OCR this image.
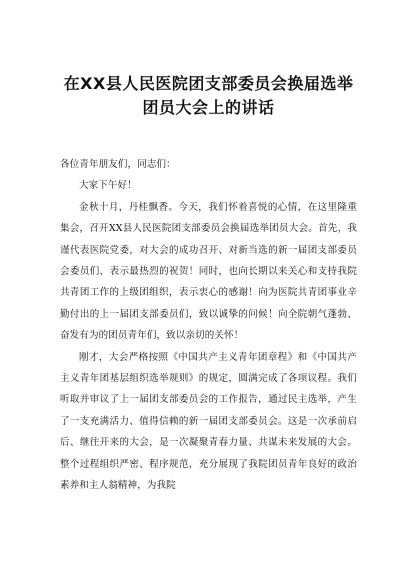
在XX县人民医院团支部委员会换届选举
团员大会上的讲话

各位青年朋友们，同志们：

大家下午好！

金秋十月，丹桂飘香。今天，我们怀着喜悦的心情，在这里隆重集会，召开XX县人民医院团支部委员会换届选举团员大会。首先，我谨代表医院党委，对大会的成功召开、对新当选的新一届团支部委员会委员们，表示最热烈的祝贺！同时，也向长期以来关心和支持我院共青团工作的上级团组织，表示衷心的感谢！向为医院共青团事业辛勤付出的上一届团支部委员们，致以诚挚的问候！向全院朝气蓬勃、奋发有为的团员青年们，致以亲切的关怀！

刚才，大会严格按照《中国共产主义青年团章程》和《中国共产主义青年团基层组织选举规则》的规定，圆满完成了各项议程。我们听取并审议了上一届团支部委员会的工作报告，通过民主选举，产生了一支充满活力、值得信赖的新一届团支部委员会。这是一次承前启后、继往开来的大会，是一次凝聚青春力量、共谋未来发展的大会。整个过程组织严密、程序规范，充分展现了我院团员青年良好的政治素养和主人翁精神，为我院
